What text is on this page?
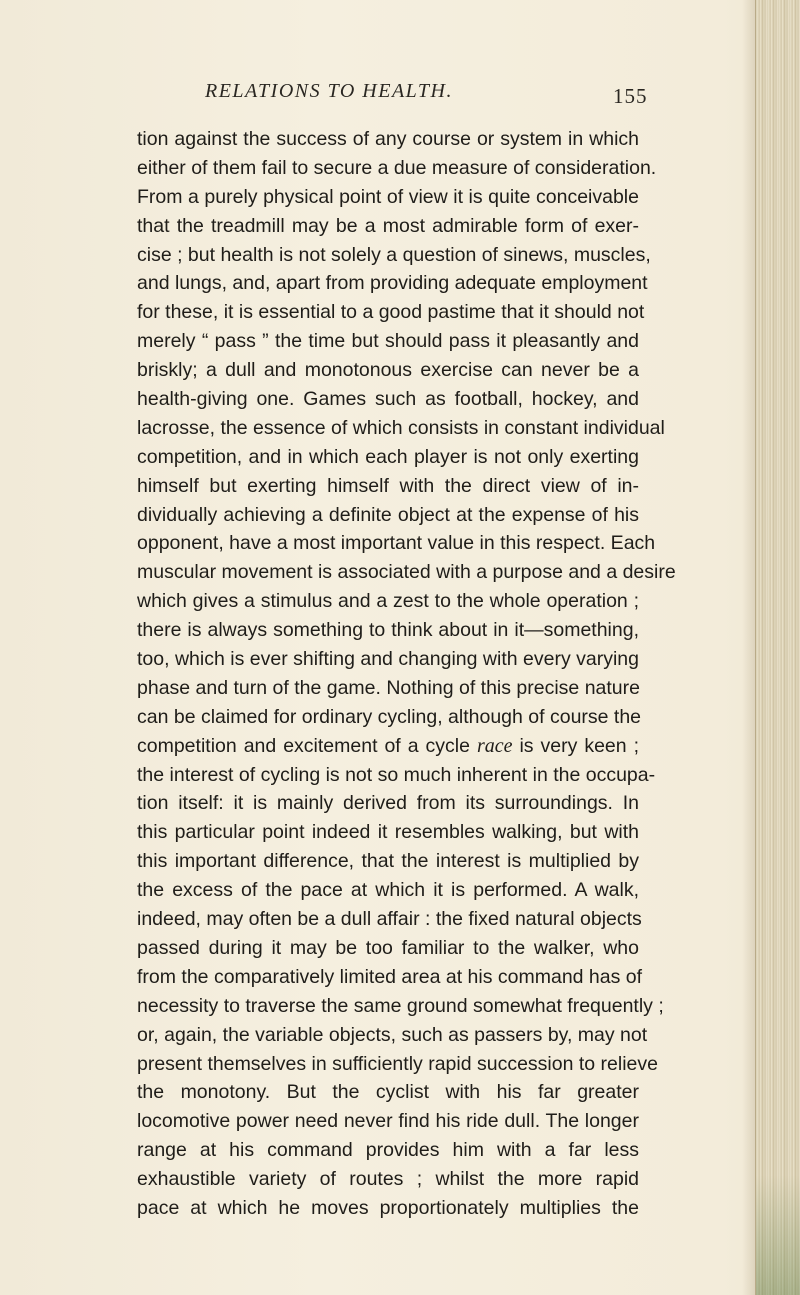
RELATIONS TO HEALTH.	155
tion against the success of any course or system in which
either of them fail to secure a due measure of consideration.
From a purely physical point of view it is quite conceivable
that the treadmill may be a most admirable form of exer-
cise ; but health is not solely a question of sinews, muscles,
and lungs, and, apart from providing adequate employment
for these, it is essential to a good pastime that it should not
merely “ pass ” the time but should pass it pleasantly and
briskly; a dull and monotonous exercise can never be a
health-giving one. Games such as football, hockey, and
lacrosse, the essence of which consists in constant individual
competition, and in which each player is not only exerting
himself but exerting himself with the direct view of in-
dividually achieving a definite object at the expense of his
opponent, have a most important value in this respect. Each
muscular movement is associated with a purpose and a desire
which gives a stimulus and a zest to the whole operation ;
there is always something to think about in it—something,
too, which is ever shifting and changing with every varying
phase and turn of the game. Nothing of this precise nature
can be claimed for ordinary cycling, although of course the
competition and excitement of a cycle race is very keen ;
the interest of cycling is not so much inherent in the occupa-
tion itself: it is mainly derived from its surroundings. In
this particular point indeed it resembles walking, but with
this important difference, that the interest is multiplied by
the excess of the pace at which it is performed. A walk,
indeed, may often be a dull affair : the fixed natural objects
passed during it may be too familiar to the walker, who
from the comparatively limited area at his command has of
necessity to traverse the same ground somewhat frequently ;
or, again, the variable objects, such as passers by, may not
present themselves in sufficiently rapid succession to relieve
the monotony. But the cyclist with his far greater
locomotive power need never find his ride dull. The longer
range at his command provides him with a far less
exhaustible variety of routes ; whilst the more rapid
pace at which he moves proportionately multiplies the
